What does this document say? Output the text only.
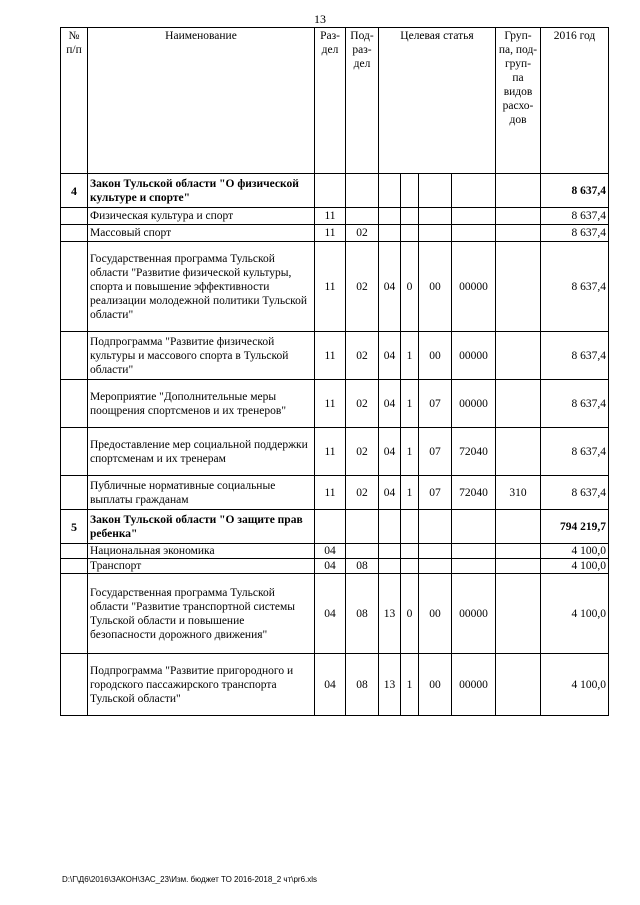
13
№ п/п	Наименование	Раз- дел	Под- раз- дел	Целевая статья				Груп- па, под- груп- па видов расхо- дов	2016 год
4	Закон Тульской области "О физической культуре и спорте"								8 637,4
	Физическая культура и спорт	11							8 637,4
	Массовый спорт	11	02						8 637,4
	Государственная программа Тульской области "Развитие физической культуры, спорта и повышение эффективности реализации молодежной политики Тульской области"	11	02	04	0	00	00000		8 637,4
	Подпрограмма "Развитие физической культуры и массового спорта в Тульской области"	11	02	04	1	00	00000		8 637,4
	Мероприятие "Дополнительные меры поощрения спортсменов и их тренеров"	11	02	04	1	07	00000		8 637,4
	Предоставление мер социальной поддержки спортсменам и их тренерам	11	02	04	1	07	72040		8 637,4
	Публичные нормативные социальные выплаты гражданам	11	02	04	1	07	72040	310	8 637,4
5	Закон Тульской области "О защите прав ребенка"								794 219,7
	Национальная экономика	04							4 100,0
	Транспорт	04	08						4 100,0
	Государственная программа Тульской области "Развитие транспортной системы Тульской области и повышение безопасности дорожного движения"	04	08	13	0	00	00000		4 100,0
	Подпрограмма "Развитие пригородного и городского пассажирского транспорта Тульской области"	04	08	13	1	00	00000		4 100,0
D:\Г\Д6\2016\ЗАКОН\ЗАС_23\Изм. бюджет ТО 2016-2018_2 чт\pr6.xls
